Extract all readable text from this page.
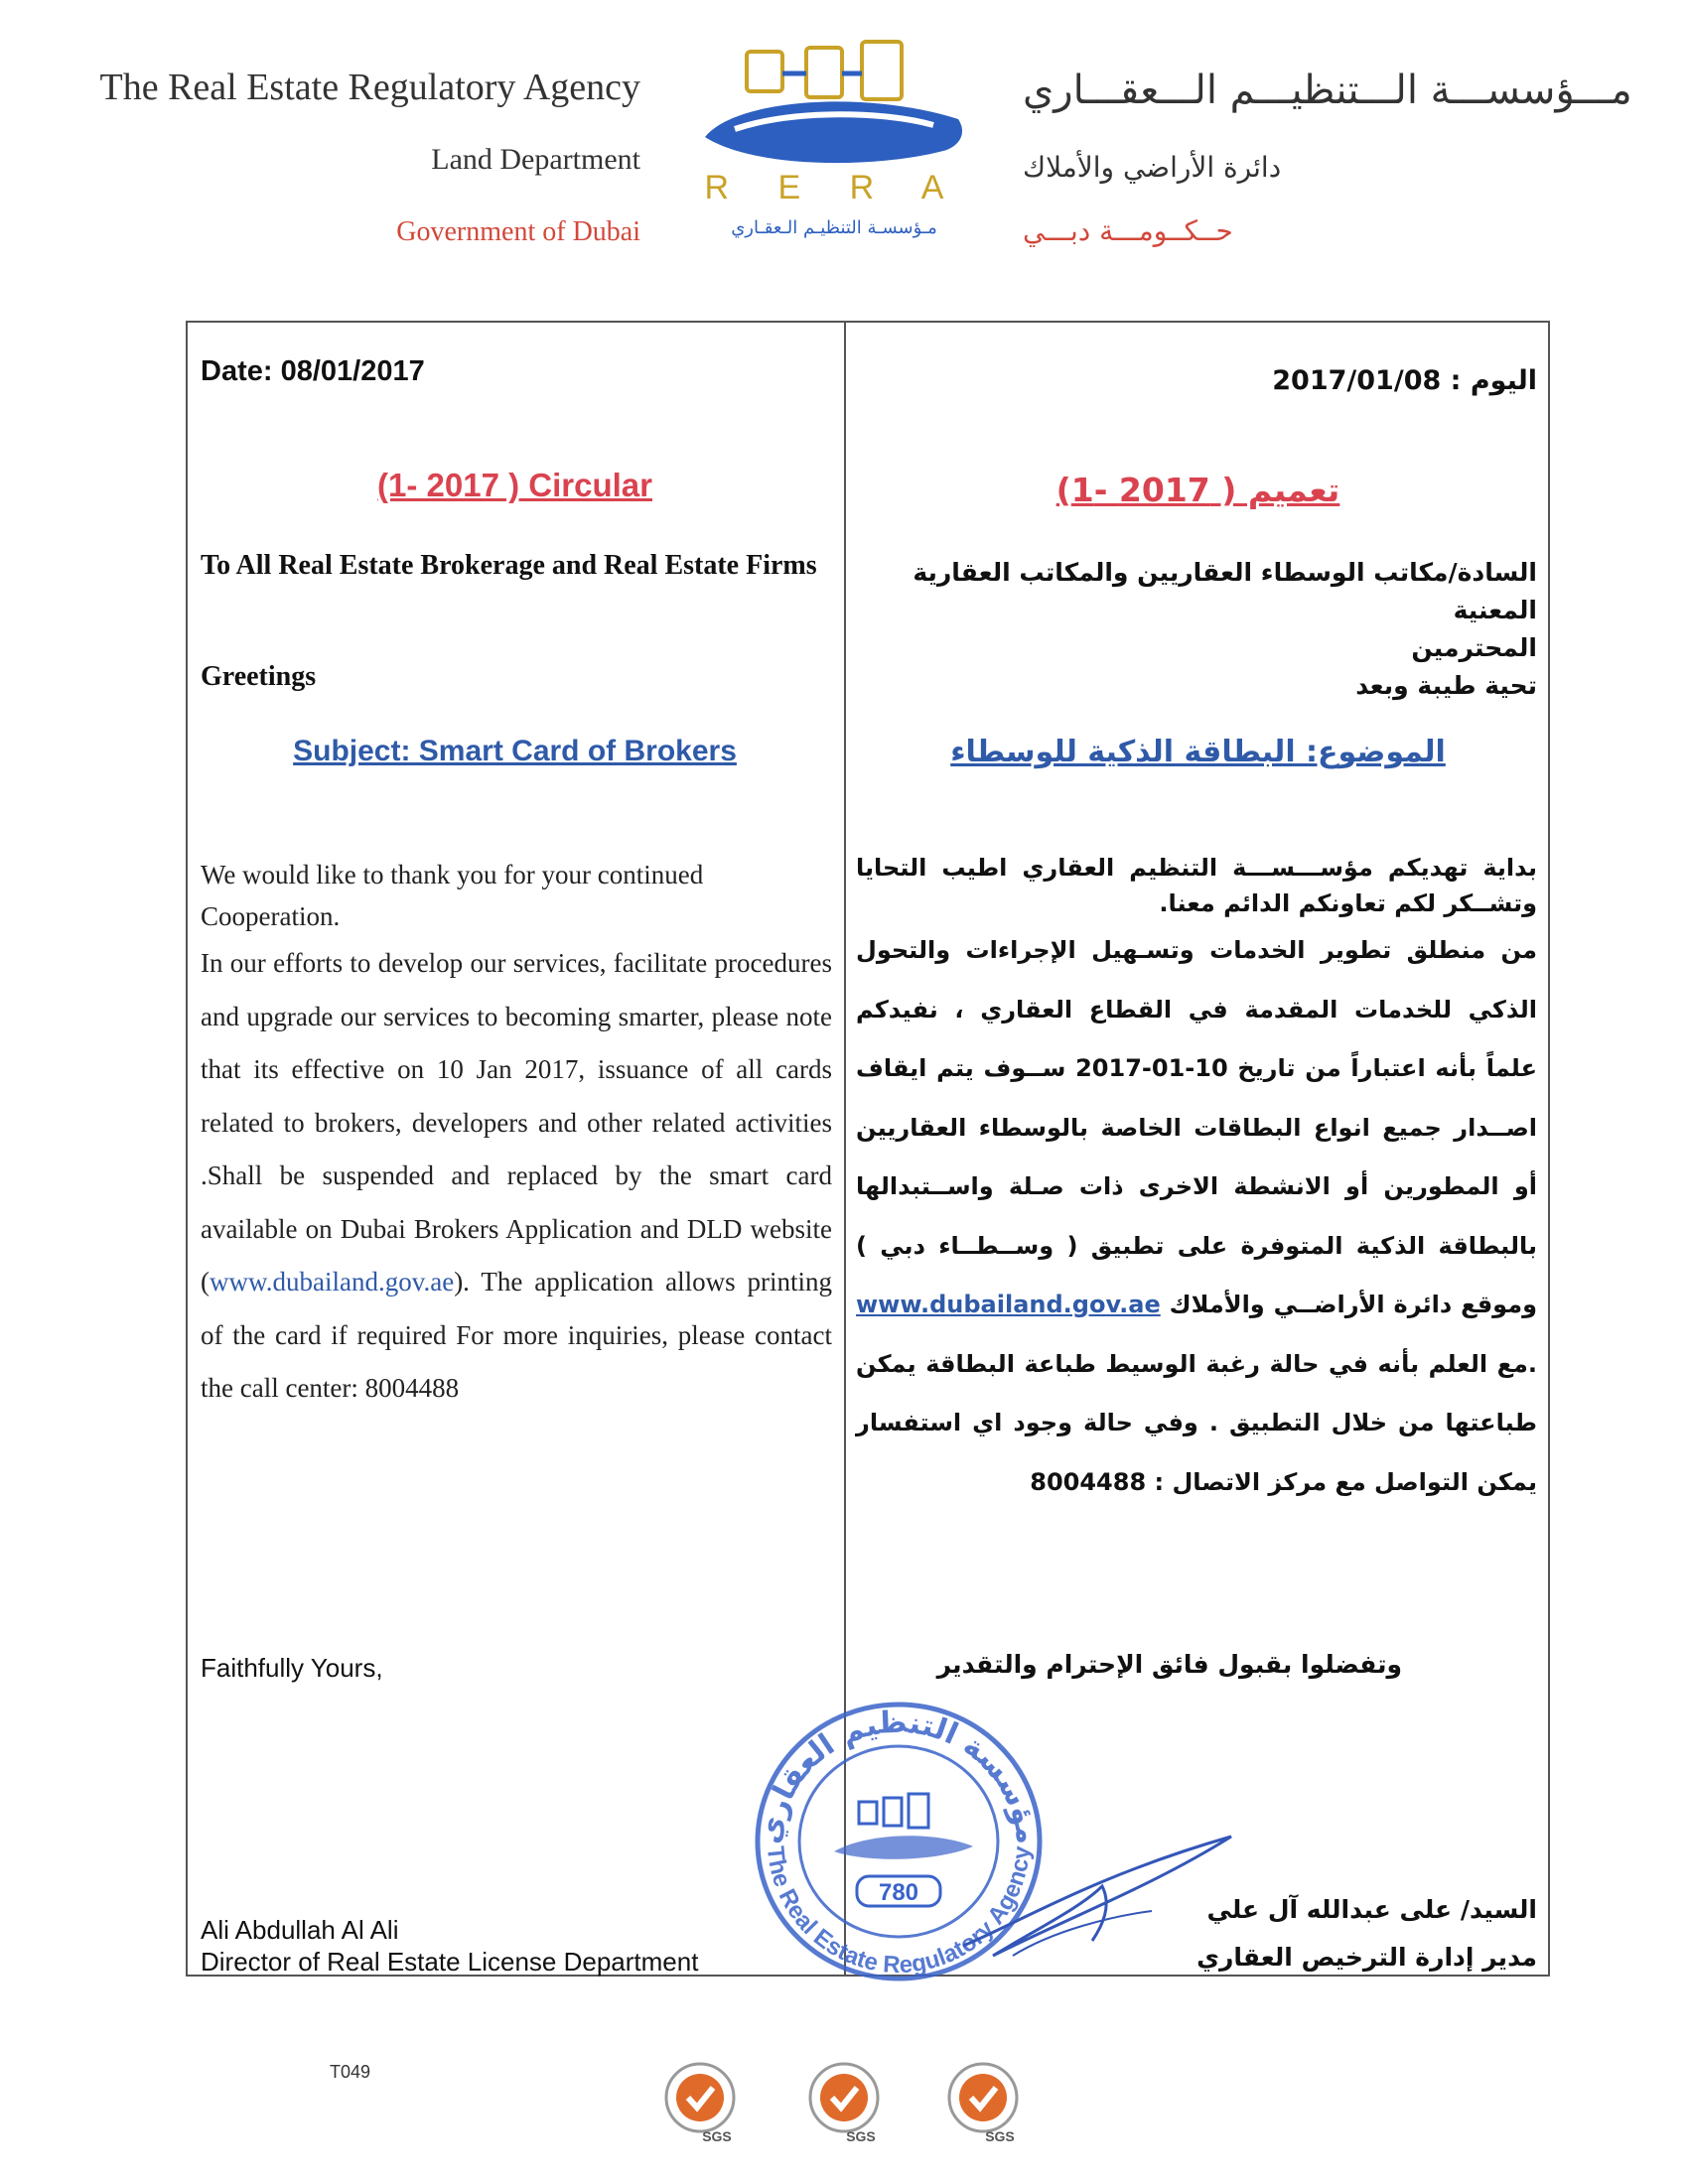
The Real Estate Regulatory Agency
Land Department
Government of Dubai
R E R A
مـؤسسـة التنظيـم الـعقـاري
مـــؤسســـة الـــتنظيـــم الـــعقـــاري
دائرة الأراضي والأملاك
حــكــومـــة دبـــي
Date: 08/01/2017	اليوم : 2017/01/08
(1- 2017 ) Circular	تعميم ( 2017 -1)
To All Real Estate Brokerage and Real Estate Firms	السادة/مكاتب الوسطاء العقاريين والمكاتب العقارية المعنية
المحترمين
تحية طيبة وبعد
Greetings
Subject: Smart Card of Brokers	الموضوع: البطاقة الذكية للوسطاء

We would like to thank you for your continued Cooperation.

In our efforts to develop our services, facilitate procedures and upgrade our services to becoming smarter, please note that its effective on 10 Jan 2017, issuance of all cards related to brokers, developers and other related activities .Shall be suspended and replaced by the smart card available on Dubai Brokers Application and DLD website (www.dubailand.gov.ae). The application allows printing of the card if required For more inquiries, please contact the call center: 8004488

بداية تهديكم مؤســـســـة التنظيم العقاري اطيب التحايا وتشــكر لكم تعاونكم الدائم معنا.

من منطلق تطوير الخدمات وتسـهيل الإجراءات والتحول الذكي للخدمات المقدمة في القطاع العقاري ، نفيدكم علماً بأنه اعتباراً من تاريخ 10-01-2017 ســوف يتم ايقاف اصــدار جميع انواع البطاقات الخاصة بالوسطاء العقاريين أو المطورين أو الانشطة الاخرى ذات صـلة واســتبدالها بالبطاقة الذكية المتوفرة على تطبيق ( وســطــاء دبي ) وموقع دائرة الأراضــي والأملاك www.dubailand.gov.ae .مع العلم بأنه في حالة رغبة الوسيط طباعة البطاقة يمكن طباعتها من خلال التطبيق . وفي حالة وجود اي استفسار يمكن التواصل مع مركز الاتصال : 8004488

Faithfully Yours,	وتفضلوا بقبول فائق الإحترام والتقدير
Ali Abdullah Al Ali
Director of Real Estate License Department
السيد/ على عبدالله آل علي
مدير إدارة الترخيص العقاري
مؤسسة التنظيم العقاري
The Real Estate Regulatory Agency
780
T049
SGS	SGS	SGS
